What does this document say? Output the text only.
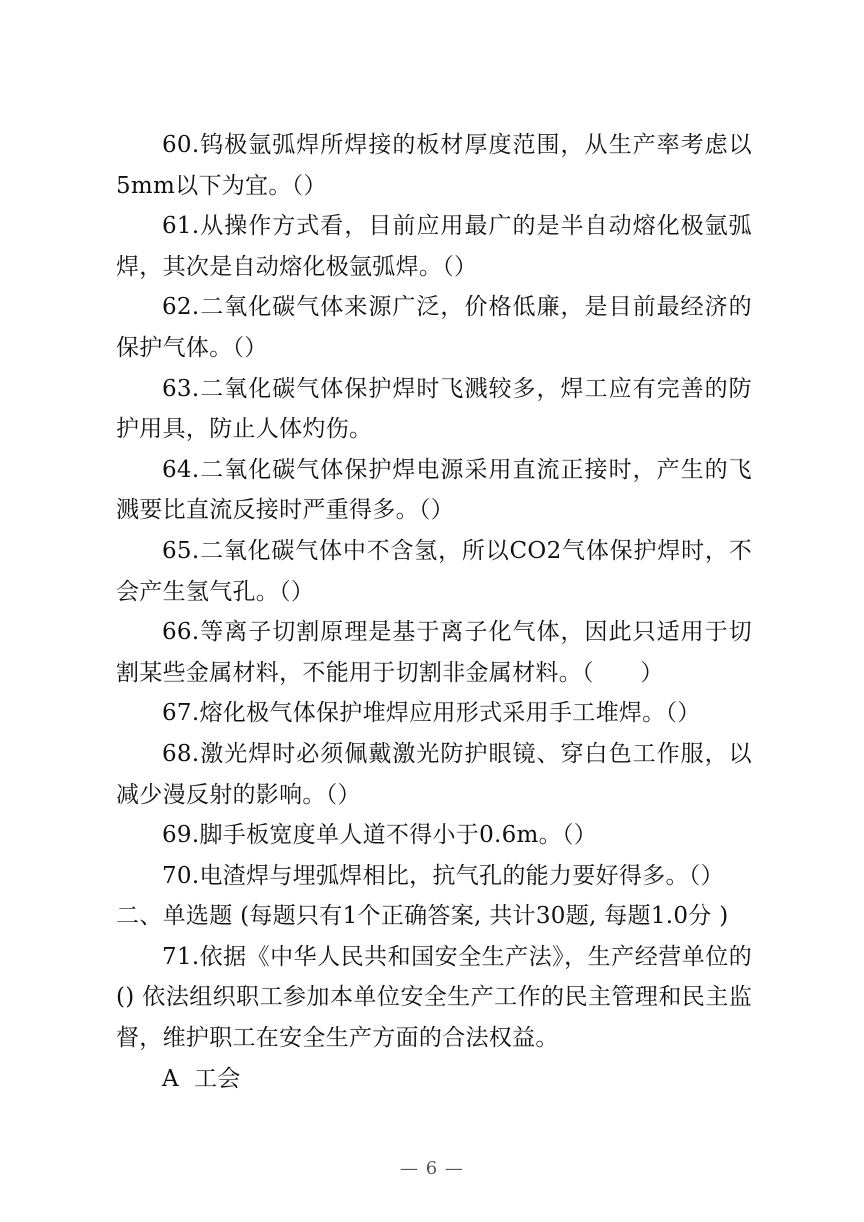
60.钨极氩弧焊所焊接的板材厚度范围，从生产率考虑以5mm以下为宜。（）

61.从操作方式看，目前应用最广的是半自动熔化极氩弧焊，其次是自动熔化极氩弧焊。（）

62.二氧化碳气体来源广泛，价格低廉，是目前最经济的保护气体。（）

63.二氧化碳气体保护焊时飞溅较多，焊工应有完善的防护用具，防止人体灼伤。

64.二氧化碳气体保护焊电源采用直流正接时，产生的飞溅要比直流反接时严重得多。（）

65.二氧化碳气体中不含氢，所以CO2气体保护焊时，不会产生氢气孔。（）

66.等离子切割原理是基于离子化气体，因此只适用于切割某些金属材料，不能用于切割非金属材料。（　　）

67.熔化极气体保护堆焊应用形式采用手工堆焊。（）

68.激光焊时必须佩戴激光防护眼镜、穿白色工作服，以减少漫反射的影响。（）

69.脚手板宽度单人道不得小于0.6m。（）

70.电渣焊与埋弧焊相比，抗气孔的能力要好得多。（）

二、单选题 (每题只有1个正确答案, 共计30题, 每题1.0分 )

71.依据《中华人民共和国安全生产法》，生产经营单位的 () 依法组织职工参加本单位安全生产工作的民主管理和民主监督，维护职工在安全生产方面的合法权益。

A  工会

— 6 —
